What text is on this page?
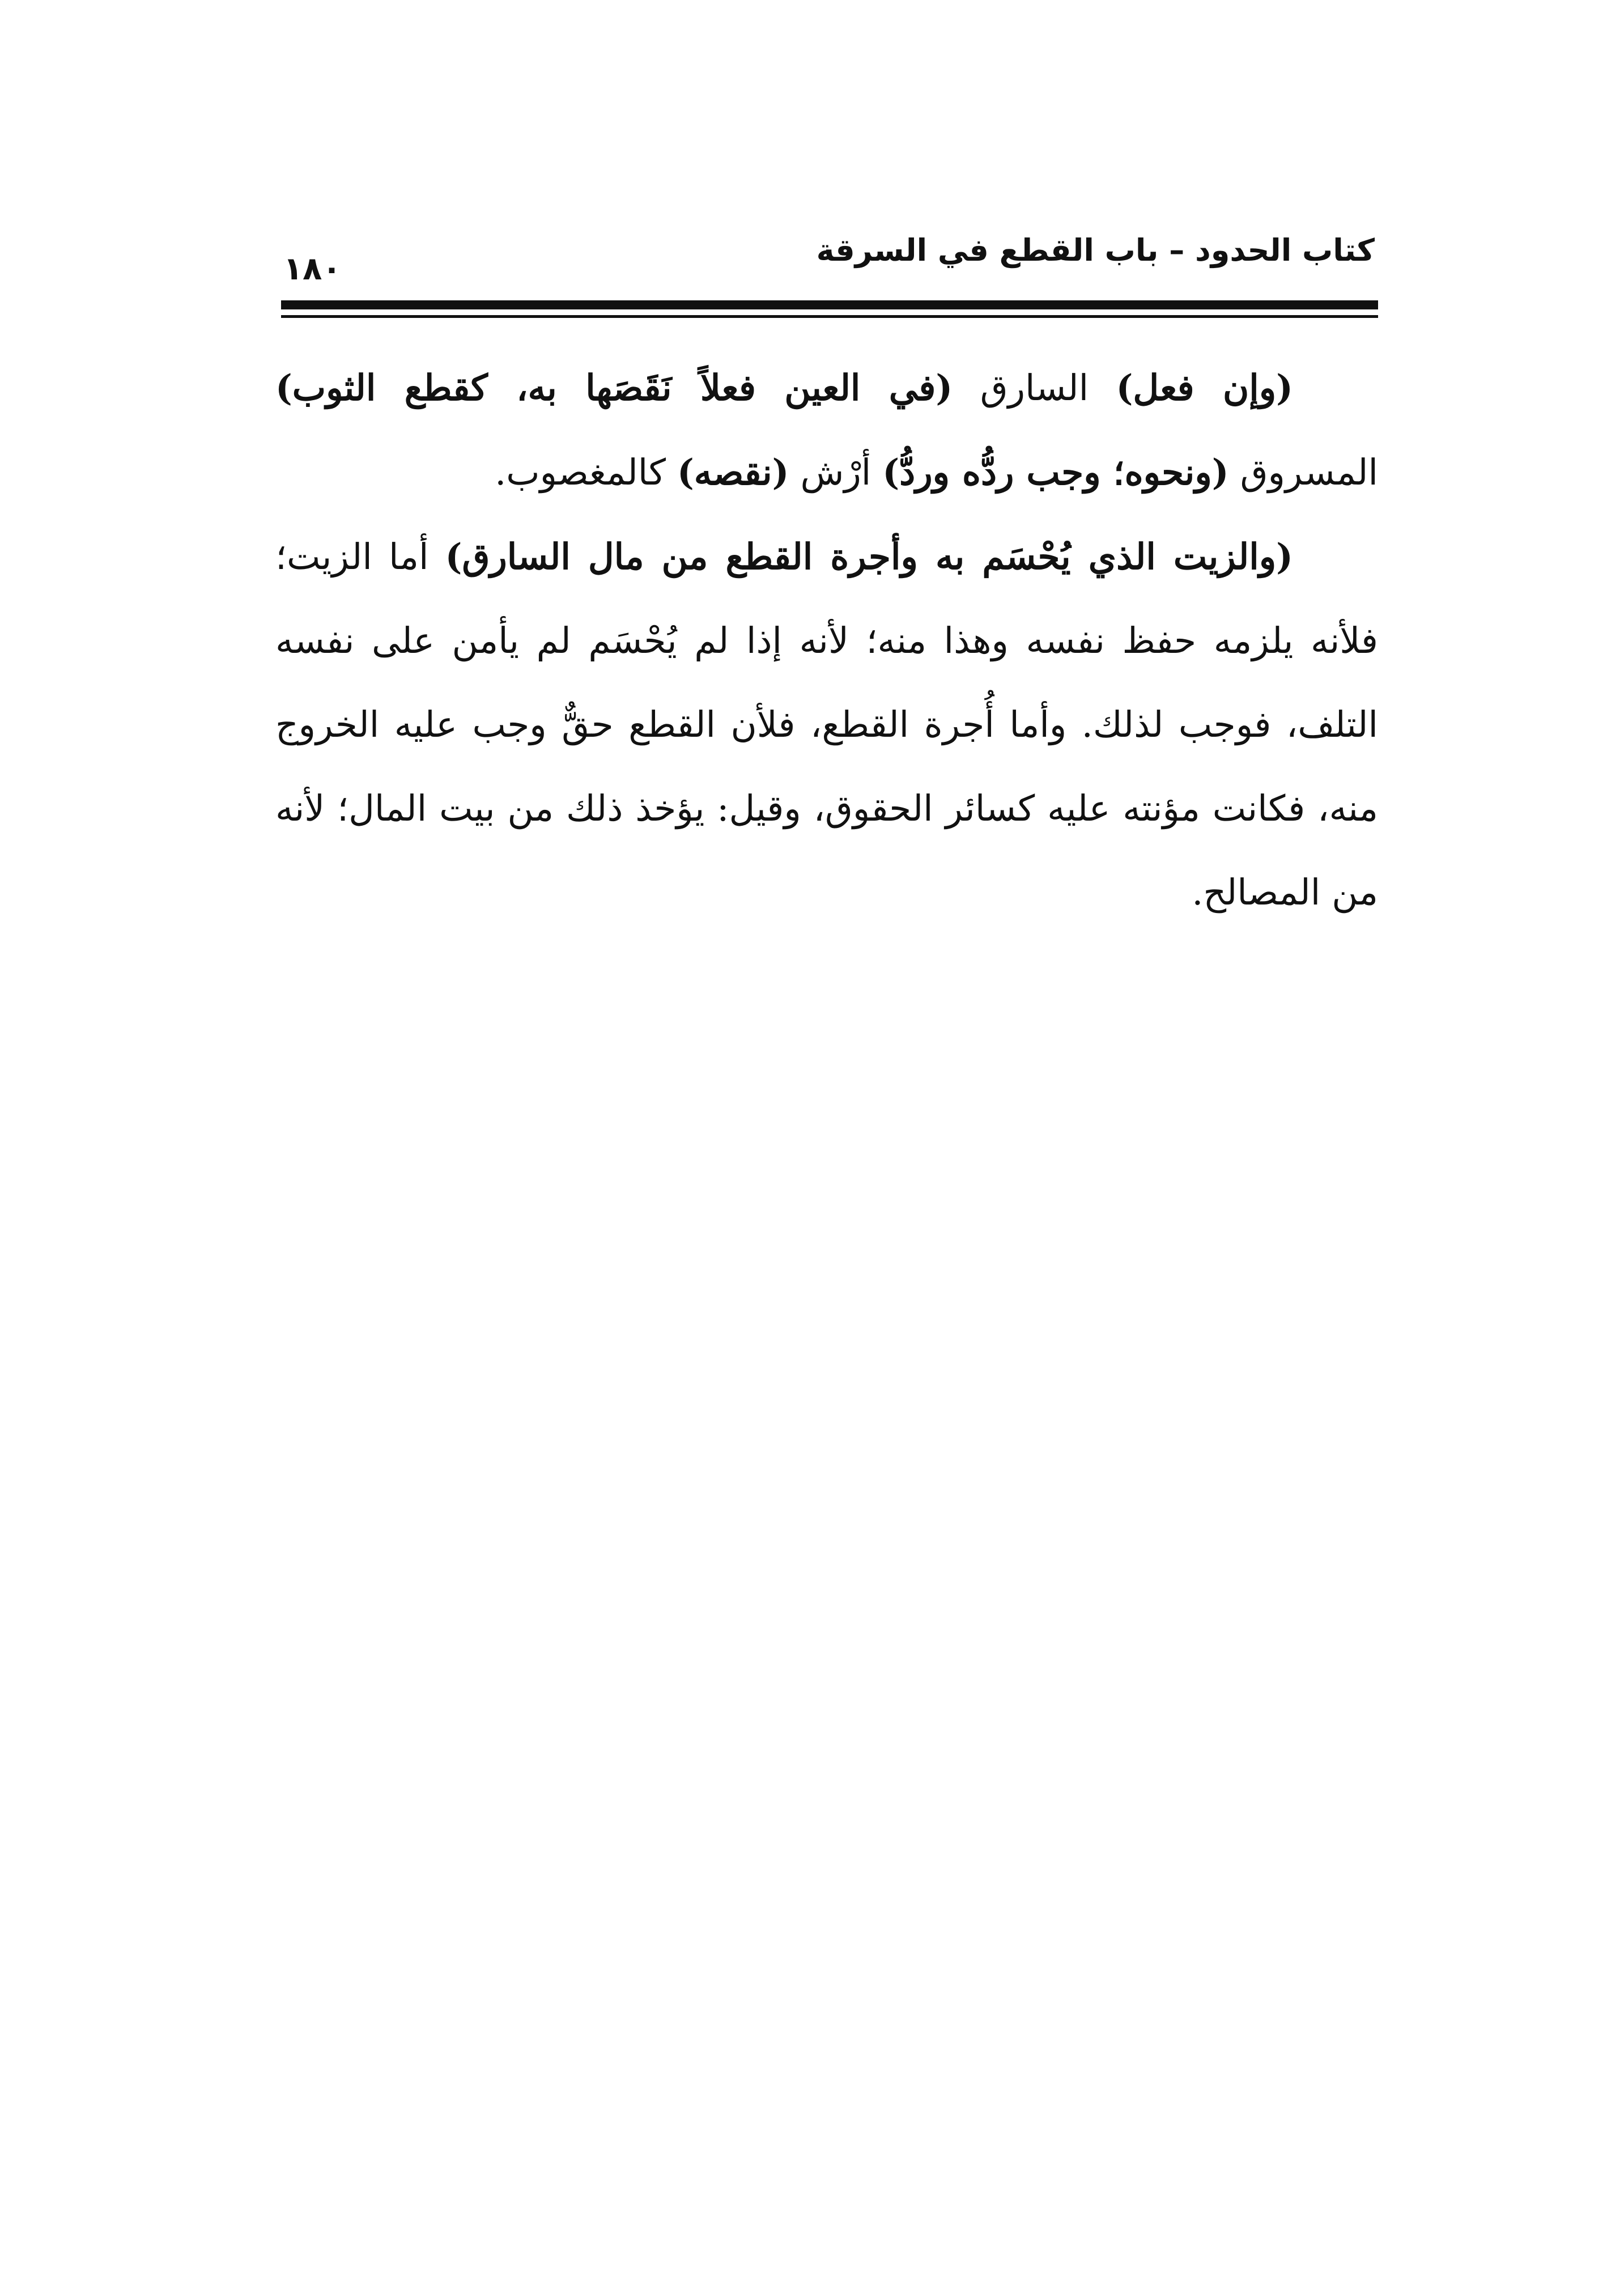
كتاب الحدود – باب القطع في السرقة
١٨٠

(وإن فعل) السارق (في العين فعلاً نَقَصَها به، كقطع الثوب) المسروق (ونحوه؛ وجب ردُّه وردُّ) أرْش (نقصه) كالمغصوب.

(والزيت الذي يُحْسَم به وأجرة القطع من مال السارق) أما الزيت؛ فلأنه يلزمه حفظ نفسه وهذا منه؛ لأنه إذا لم يُحْسَم لم يأمن على نفسه التلف، فوجب لذلك. وأما أُجرة القطع، فلأن القطع حقٌّ وجب عليه الخروج منه، فكانت مؤنته عليه كسائر الحقوق، وقيل: يؤخذ ذلك من بيت المال؛ لأنه من المصالح.
